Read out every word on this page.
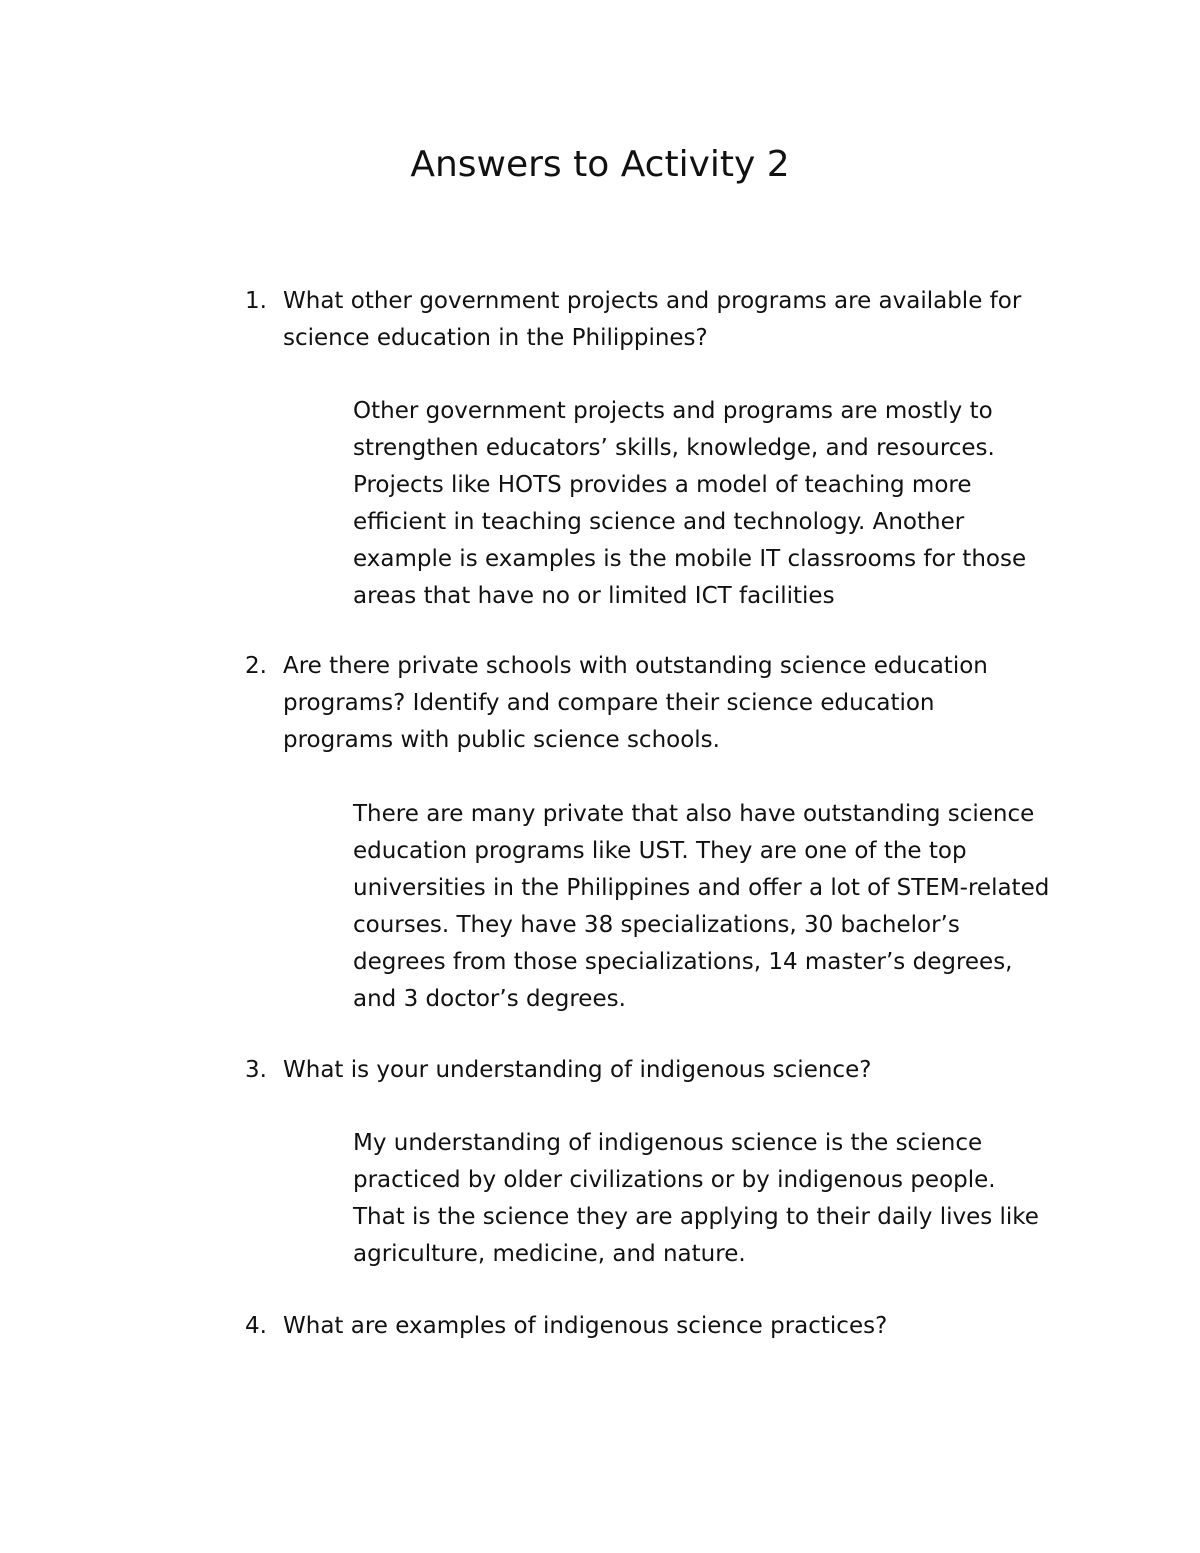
Answers to Activity 2
1. What other government projects and programs are available for science education in the Philippines?
Other government projects and programs are mostly to strengthen educators’ skills, knowledge, and resources. Projects like HOTS provides a model of teaching more efficient in teaching science and technology. Another example is examples is the mobile IT classrooms for those areas that have no or limited ICT facilities
2. Are there private schools with outstanding science education programs? Identify and compare their science education programs with public science schools.
There are many private that also have outstanding science education programs like UST. They are one of the top universities in the Philippines and offer a lot of STEM-related courses. They have 38 specializations, 30 bachelor’s degrees from those specializations, 14 master’s degrees, and 3 doctor’s degrees.
3. What is your understanding of indigenous science?
My understanding of indigenous science is the science practiced by older civilizations or by indigenous people. That is the science they are applying to their daily lives like agriculture, medicine, and nature.
4. What are examples of indigenous science practices?
